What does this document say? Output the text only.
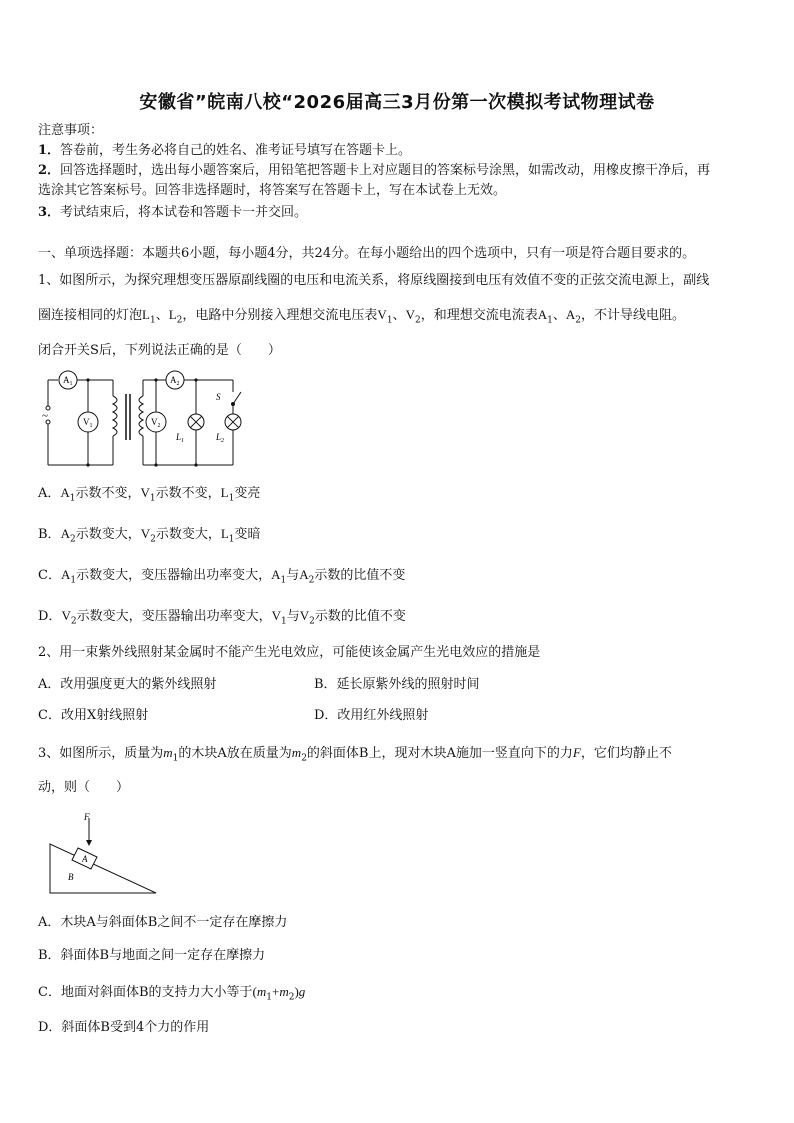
安徽省”皖南八校“2026届高三3月份第一次模拟考试物理试卷
注意事项：
1．答卷前，考生务必将自己的姓名、准考证号填写在答题卡上。
2．回答选择题时，选出每小题答案后，用铅笔把答题卡上对应题目的答案标号涂黑，如需改动，用橡皮擦干净后，再
选涂其它答案标号。回答非选择题时，将答案写在答题卡上，写在本试卷上无效。
3．考试结束后，将本试卷和答题卡一并交回。
一、单项选择题：本题共6小题，每小题4分，共24分。在每小题给出的四个选项中，只有一项是符合题目要求的。
1、如图所示，为探究理想变压器原副线圈的电压和电流关系，将原线圈接到电压有效值不变的正弦交流电源上，副线
圈连接相同的灯泡$L_1$、$L_2$，电路中分别接入理想交流电压表$V_1$、$V_2$，和理想交流电流表$A_1$、$A_2$，不计导线电阻。
闭合开关S后，下列说法正确的是（　　）
~
$A_1$
$V_1$
$A_2$
$V_2$
$L_1$	$L_2$
S
A．$A_1$示数不变，$V_1$示数不变，$L_1$变亮
B．$A_2$示数变大，$V_2$示数变大，$L_1$变暗
C．$A_1$示数变大，变压器输出功率变大，$A_1$与$A_2$示数的比值不变
D．$V_2$示数变大，变压器输出功率变大，$V_1$与$V_2$示数的比值不变
2、用一束紫外线照射某金属时不能产生光电效应，可能使该金属产生光电效应的措施是
A．改用强度更大的紫外线照射	B．延长原紫外线的照射时间
C．改用X射线照射	D．改用红外线照射
3、如图所示，质量为$m_1$的木块A放在质量为$m_2$的斜面体B上，现对木块A施加一竖直向下的力F，它们均静止不
动，则（　　）
F
A
B
A．木块A与斜面体B之间不一定存在摩擦力
B．斜面体B与地面之间一定存在摩擦力
C．地面对斜面体B的支持力大小等于$(m_1+m_2)g$
D．斜面体B受到4个力的作用
